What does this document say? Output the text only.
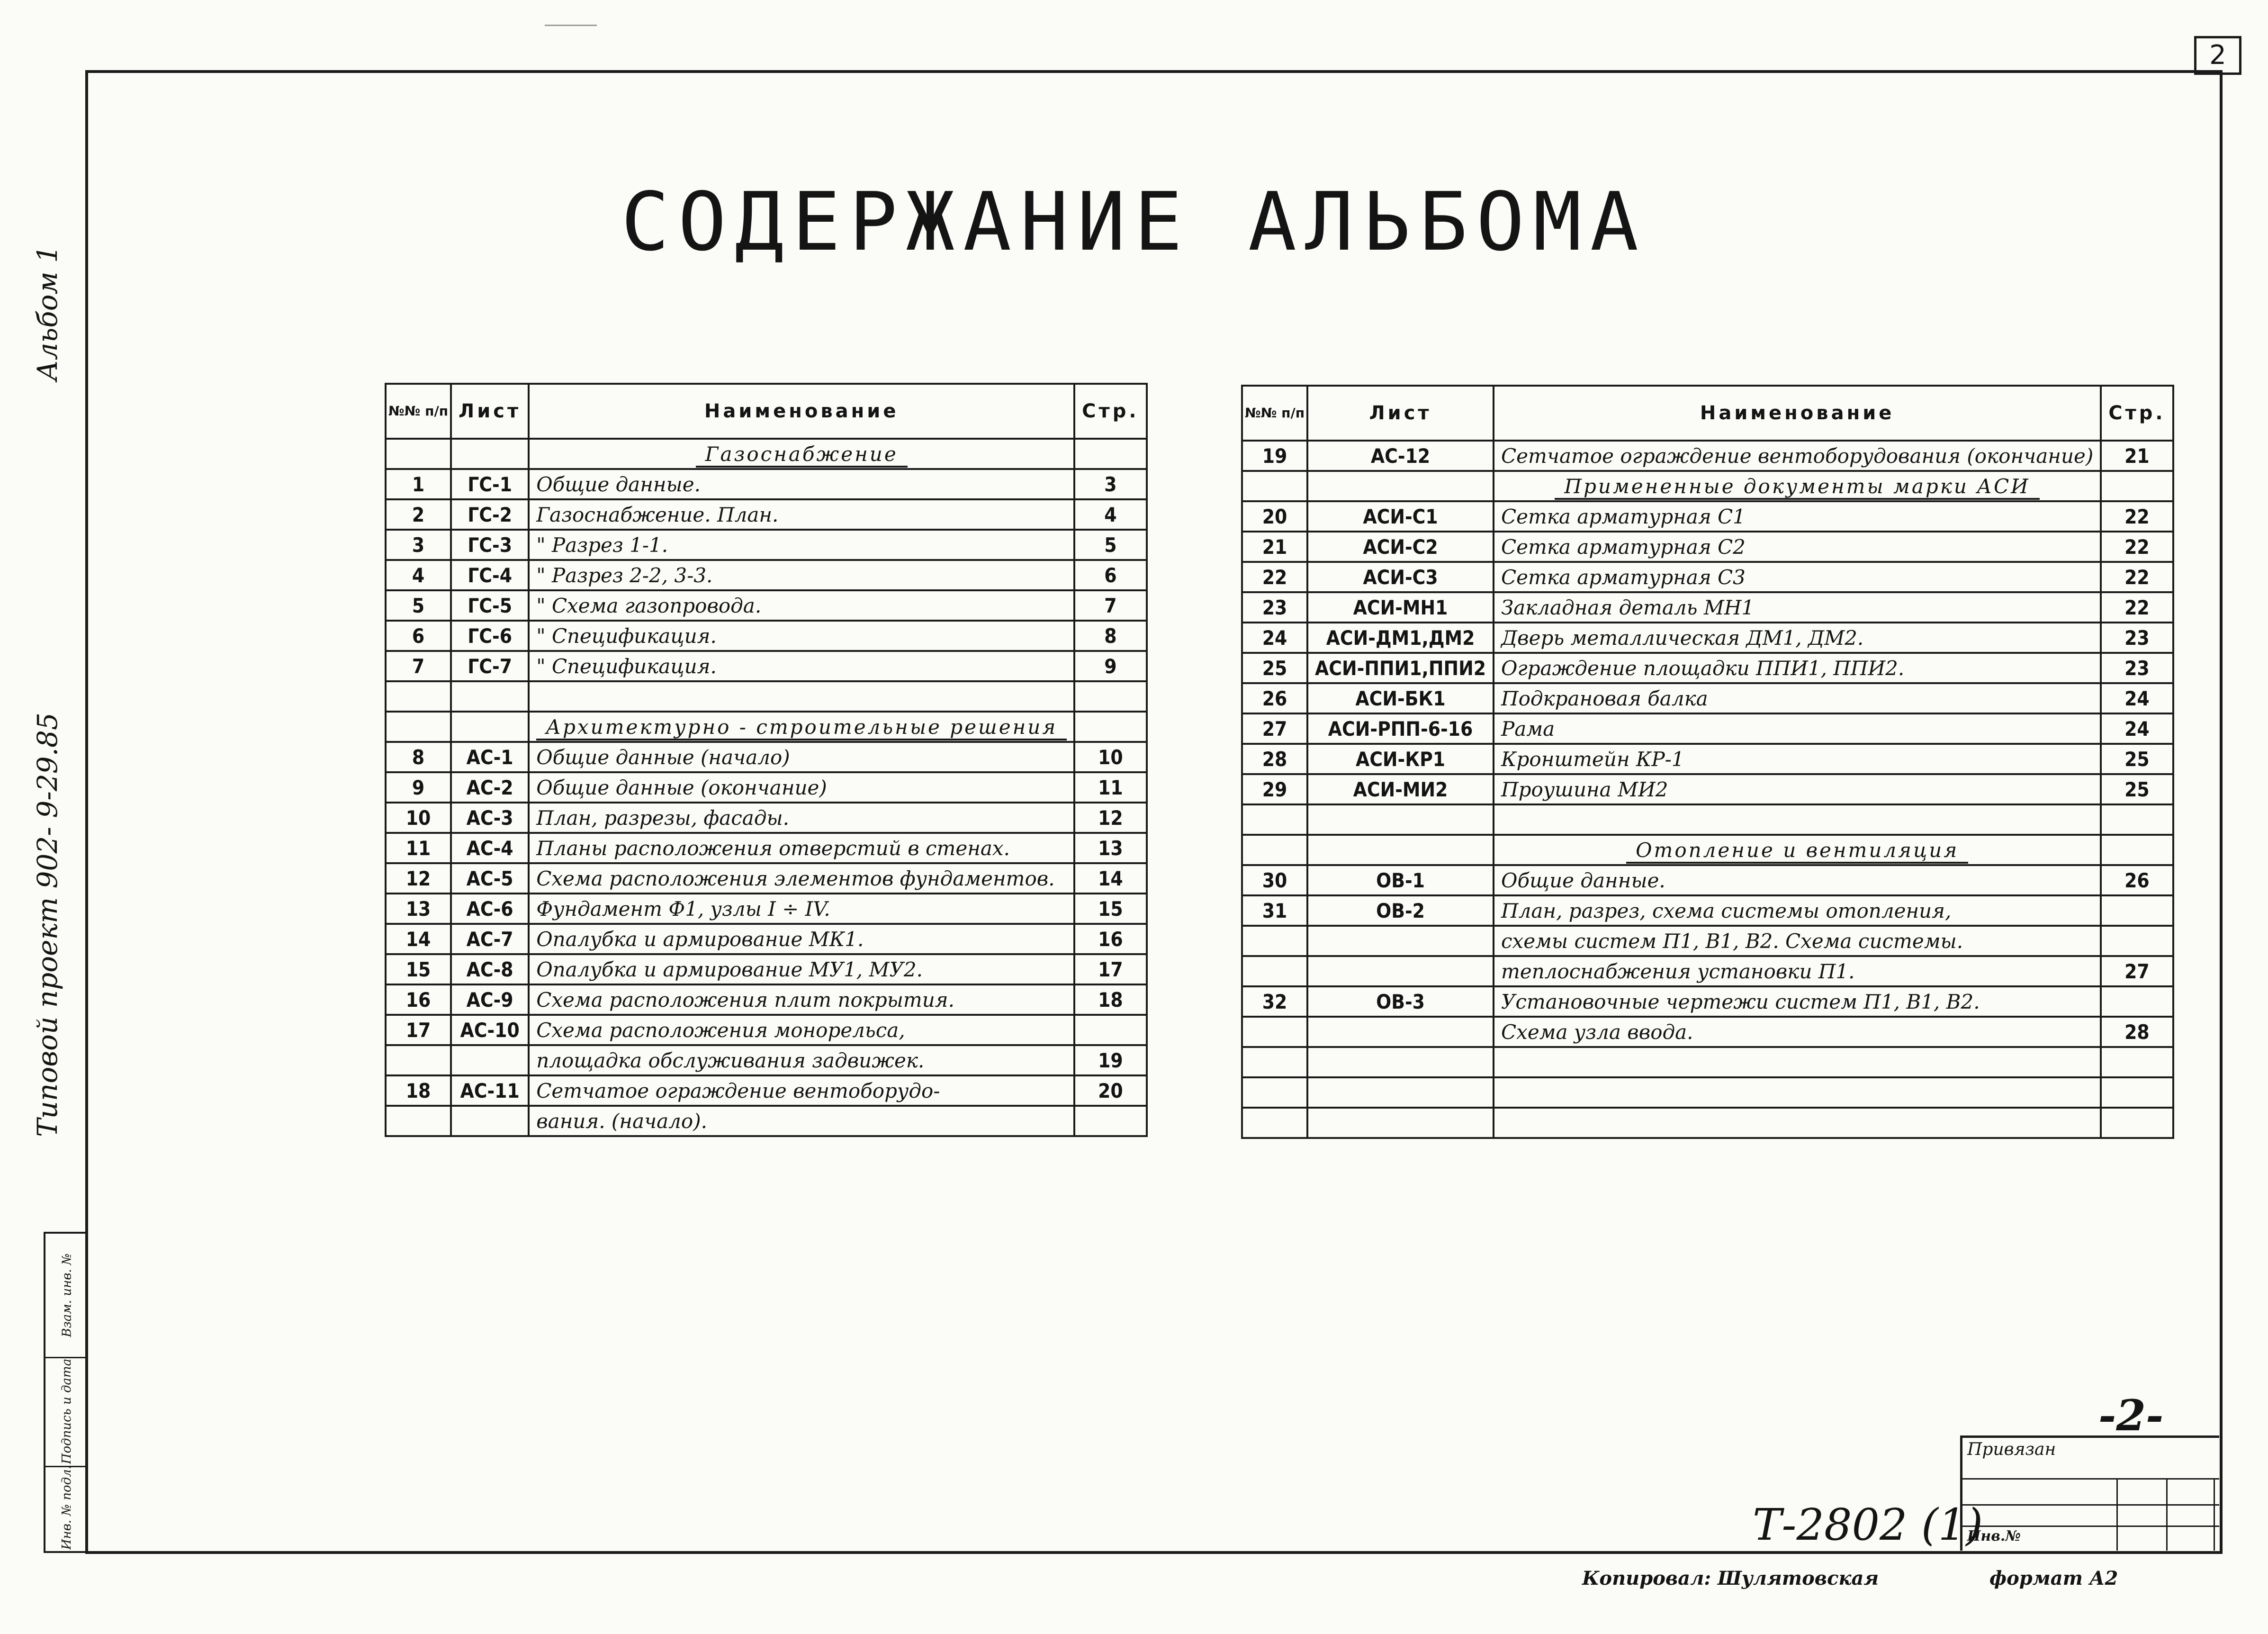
2
Типовой проект 902- 9-29.85
Альбом 1
СОДЕРЖАНИЕ АЛЬБОМА
№№ п/п	Лист	Наименование	Стр.
		Газоснабжение	
1	ГС-1	Общие данные.	3
2	ГС-2	Газоснабжение. План.	4
3	ГС-3	" Разрез 1-1.	5
4	ГС-4	" Разрез 2-2, 3-3.	6
5	ГС-5	" Схема газопровода.	7
6	ГС-6	" Спецификация.	8
7	ГС-7	" Спецификация.	9

		Архитектурно - строительные решения	
8	АС-1	Общие данные (начало)	10
9	АС-2	Общие данные (окончание)	11
10	АС-3	План, разрезы, фасады.	12
11	АС-4	Планы расположения отверстий в стенах.	13
12	АС-5	Схема расположения элементов фундаментов.	14
13	АС-6	Фундамент Ф1, узлы I ÷ IV.	15
14	АС-7	Опалубка и армирование МК1.	16
15	АС-8	Опалубка и армирование МУ1, МУ2.	17
16	АС-9	Схема расположения плит покрытия.	18
17	АС-10	Схема расположения монорельса,	
		площадка обслуживания задвижек.	19
18	АС-11	Сетчатое ограждение вентоборудо-	20
		вания. (начало).	
№№ п/п	Лист	Наименование	Стр.
19	АС-12	Сетчатое ограждение вентоборудования (окончание)	21
		Примененные документы марки АСИ	
20	АСИ-С1	Сетка арматурная С1	22
21	АСИ-С2	Сетка арматурная С2	22
22	АСИ-С3	Сетка арматурная С3	22
23	АСИ-МН1	Закладная деталь МН1	22
24	АСИ-ДМ1,ДМ2	Дверь металлическая ДМ1, ДМ2.	23
25	АСИ-ППИ1,ППИ2	Ограждение площадки ППИ1, ППИ2.	23
26	АСИ-БК1	Подкрановая балка	24
27	АСИ-РПП-6-16	Рама	24
28	АСИ-КР1	Кронштейн КР-1	25
29	АСИ-МИ2	Проушина МИ2	25

		Отопление и вентиляция	
30	ОВ-1	Общие данные.	26
31	ОВ-2	План, разрез, схема системы отопления,	
		схемы систем П1, В1, В2. Схема системы.	
		теплоснабжения установки П1.	27
32	ОВ-3	Установочные чертежи систем П1, В1, В2.	
		Схема узла ввода.	28

Взам. инв. №
Подпись и дата
Инв. № подл.
-2-
Привязан
Инв.№
Т-2802 (1)
Копировал: Шулятовская	формат А2
